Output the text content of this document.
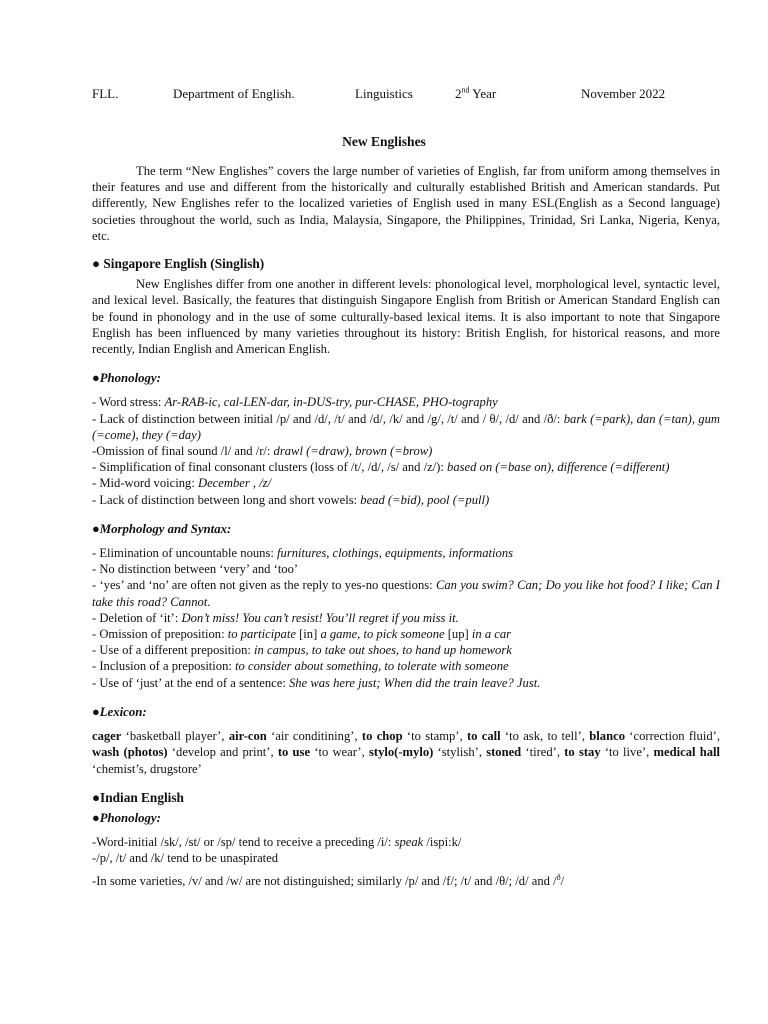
FLL.	Department of English.	Linguistics	2nd Year	November 2022
New Englishes

The term “New Englishes” covers the large number of varieties of English, far from uniform among themselves in their features and use and different from the historically and culturally established British and American standards. Put differently, New Englishes refer to the localized varieties of English used in many ESL(English as a Second language) societies throughout the world, such as India, Malaysia, Singapore, the Philippines, Trinidad, Sri Lanka, Nigeria, Kenya, etc.

● Singapore English (Singlish)

New Englishes differ from one another in different levels: phonological level, morphological level, syntactic level, and lexical level. Basically, the features that distinguish Singapore English from British or American Standard English can be found in phonology and in the use of some culturally-based lexical items. It is also important to note that Singapore English has been influenced by many varieties throughout its history: British English, for historical reasons, and more recently, Indian English and American English.

●Phonology:

- Word stress: Ar-RAB-ic, cal-LEN-dar, in-DUS-try, pur-CHASE, PHO-tography

- Lack of distinction between initial /p/ and /d/, /t/ and /d/, /k/ and /g/, /t/ and / θ/, /d/ and /ð/: bark (=park), dan (=tan), gum (=come), they (=day)

-Omission of final sound /l/ and /r/: drawl (=draw), brown (=brow)

- Simplification of final consonant clusters (loss of /t/, /d/, /s/ and /z/): based on (=base on), difference (=different)

- Mid-word voicing: December , /z/

- Lack of distinction between long and short vowels: bead (=bid), pool (=pull)

●Morphology and Syntax:

- Elimination of uncountable nouns: furnitures, clothings, equipments, informations

- No distinction between ‘very’ and ‘too’

- ‘yes’ and ‘no’ are often not given as the reply to yes-no questions: Can you swim? Can; Do you like hot food? I like; Can I take this road? Cannot.

- Deletion of ‘it’: Don’t miss! You can’t resist! You’ll regret if you miss it.

- Omission of preposition: to participate [in] a game, to pick someone [up] in a car

- Use of a different preposition: in campus, to take out shoes, to hand up homework

- Inclusion of a preposition: to consider about something, to tolerate with someone

- Use of ‘just’ at the end of a sentence: She was here just; When did the train leave? Just.

●Lexicon:

cager ‘basketball player’, air-con ‘air conditining’, to chop ‘to stamp’, to call ‘to ask, to tell’, blanco ‘correction fluid’, wash (photos) ‘develop and print’, to use ‘to wear’, stylo(-mylo) ‘stylish’, stoned ‘tired’, to stay ‘to live’, medical hall ‘chemist’s, drugstore’

●Indian English
●Phonology:

-Word-initial /sk/, /st/ or /sp/ tend to receive a preceding /i/: speak /ispi:k/

-/p/, /t/ and /k/ tend to be unaspirated

-In some varieties, /v/ and /w/ are not distinguished; similarly /p/ and /f/; /t/ and /θ/; /d/ and /$^ð$/
